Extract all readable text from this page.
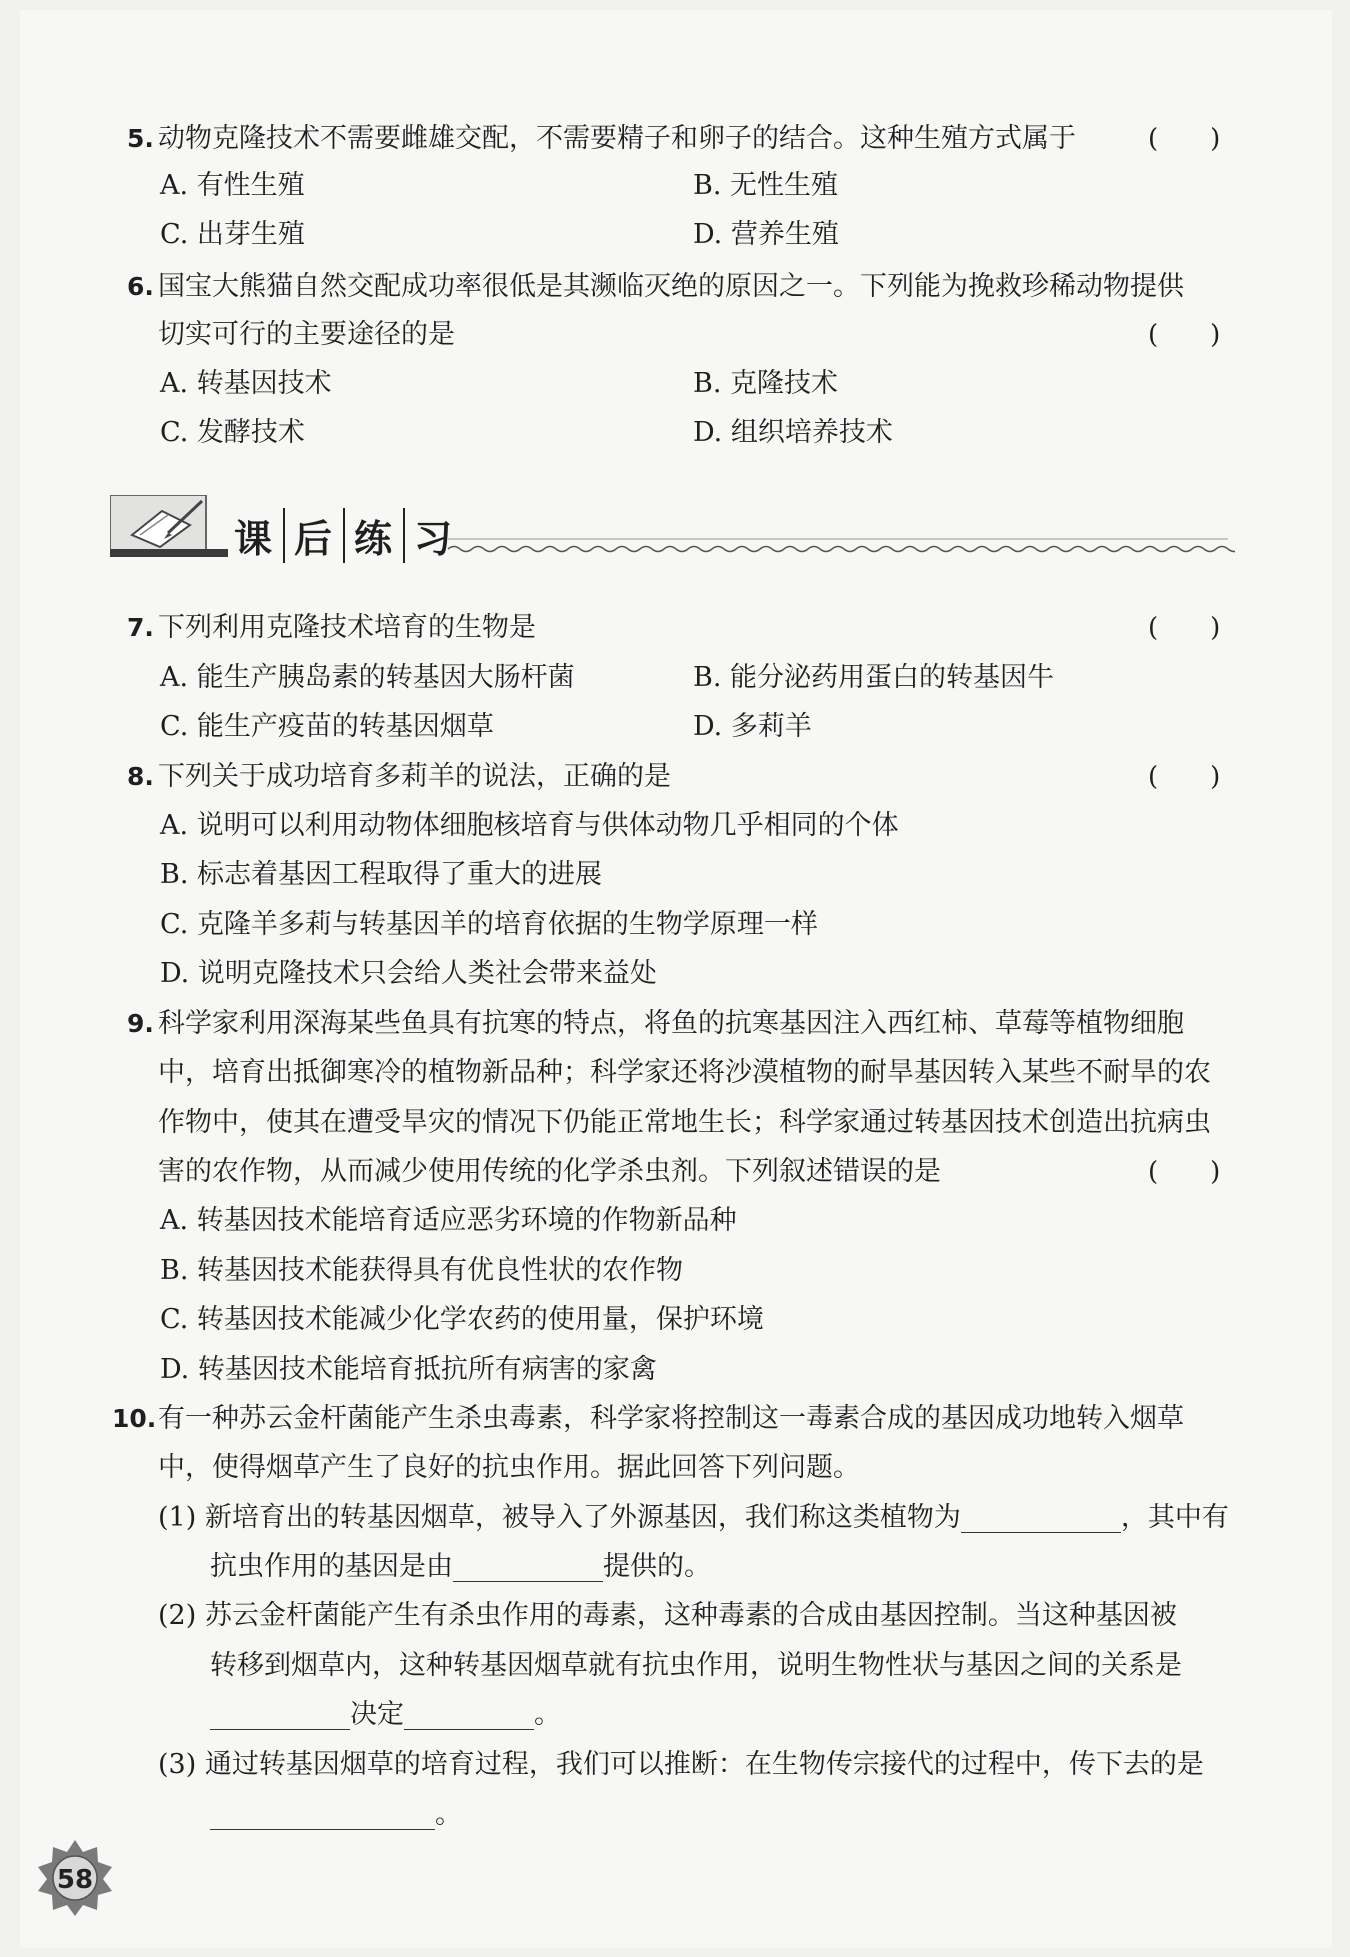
5. 动物克隆技术不需要雌雄交配，不需要精子和卵子的结合。这种生殖方式属于	(　　)
A. 有性生殖	B. 无性生殖
C. 出芽生殖	D. 营养生殖
6. 国宝大熊猫自然交配成功率很低是其濒临灭绝的原因之一。下列能为挽救珍稀动物提供
切实可行的主要途径的是	(　　)
A. 转基因技术	B. 克隆技术
C. 发酵技术	D. 组织培养技术
课 后 练 习
7. 下列利用克隆技术培育的生物是	(　　)
A. 能生产胰岛素的转基因大肠杆菌	B. 能分泌药用蛋白的转基因牛
C. 能生产疫苗的转基因烟草	D. 多莉羊
8. 下列关于成功培育多莉羊的说法，正确的是	(　　)
A. 说明可以利用动物体细胞核培育与供体动物几乎相同的个体
B. 标志着基因工程取得了重大的进展
C. 克隆羊多莉与转基因羊的培育依据的生物学原理一样
D. 说明克隆技术只会给人类社会带来益处
9. 科学家利用深海某些鱼具有抗寒的特点，将鱼的抗寒基因注入西红柿、草莓等植物细胞
中，培育出抵御寒冷的植物新品种；科学家还将沙漠植物的耐旱基因转入某些不耐旱的农
作物中，使其在遭受旱灾的情况下仍能正常地生长；科学家通过转基因技术创造出抗病虫
害的农作物，从而减少使用传统的化学杀虫剂。下列叙述错误的是	(　　)
A. 转基因技术能培育适应恶劣环境的作物新品种
B. 转基因技术能获得具有优良性状的农作物
C. 转基因技术能减少化学农药的使用量，保护环境
D. 转基因技术能培育抵抗所有病害的家禽
10. 有一种苏云金杆菌能产生杀虫毒素，科学家将控制这一毒素合成的基因成功地转入烟草
中，使得烟草产生了良好的抗虫作用。据此回答下列问题。
(1) 新培育出的转基因烟草，被导入了外源基因，我们称这类植物为	，其中有
抗虫作用的基因是由	提供的。
(2) 苏云金杆菌能产生有杀虫作用的毒素，这种毒素的合成由基因控制。当这种基因被
转移到烟草内，这种转基因烟草就有抗虫作用，说明生物性状与基因之间的关系是
决定	。
(3) 通过转基因烟草的培育过程，我们可以推断：在生物传宗接代的过程中，传下去的是
。
58
